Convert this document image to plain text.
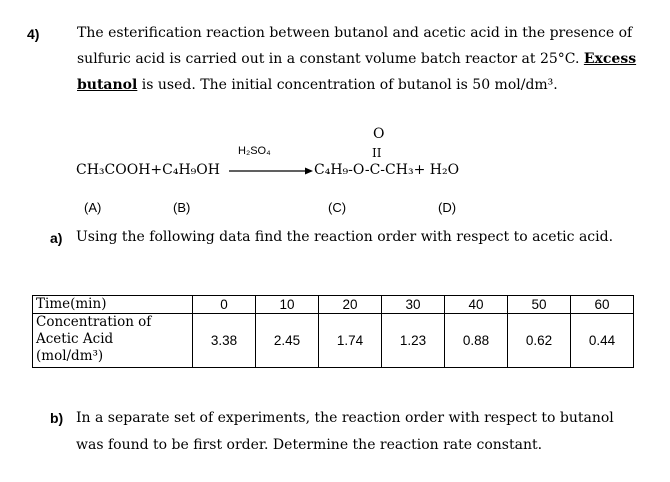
4)	The esterification reaction between butanol and acetic acid in the presence of
sulfuric acid is carried out in a constant volume batch reactor at 25°C. Excess
butanol is used. The initial concentration of butanol is 50 mol/dm³.
CH₃COOH+C₄H₉OH
H₂SO₄
O
II
C₄H₉-O-C-CH₃+ H₂O
(A)	(B)	(C)	(D)
a) Using the following data find the reaction order with respect to acetic acid.
Time(min)	0	10	20	30	40	50	60

Concentration of
Acetic Acid
(mol/dm³)	3.38	2.45	1.74	1.23	0.88	0.62	0.44
b) In a separate set of experiments, the reaction order with respect to butanol
was found to be first order. Determine the reaction rate constant.
